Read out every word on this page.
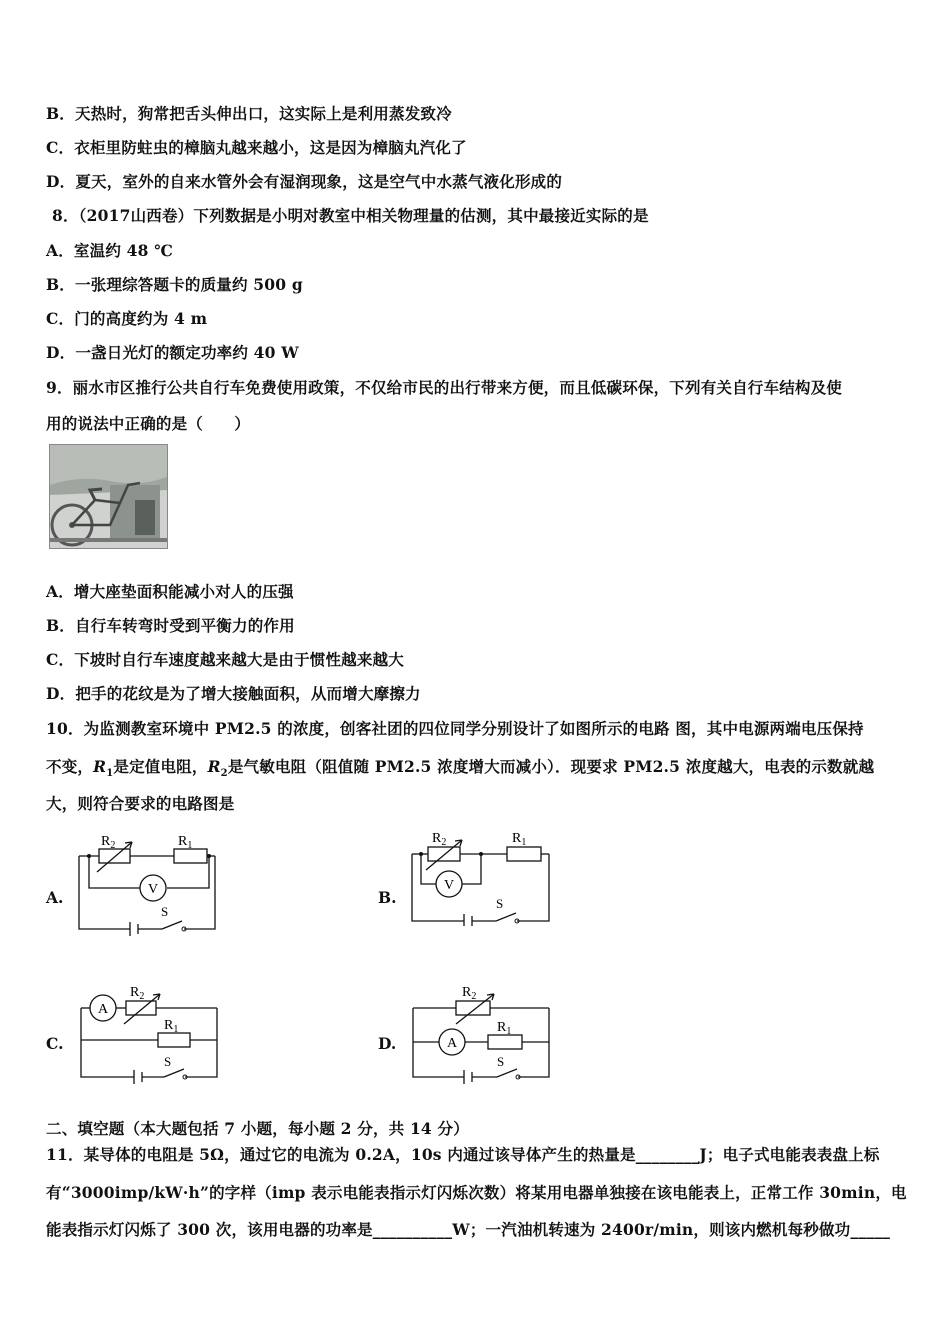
B．天热时，狗常把舌头伸出口，这实际上是利用蒸发致冷
C．衣柜里防蛀虫的樟脑丸越来越小，这是因为樟脑丸汽化了
D．夏天，室外的自来水管外会有湿润现象，这是空气中水蒸气液化形成的
8．（2017山西卷）下列数据是小明对教室中相关物理量的估测，其中最接近实际的是
A．室温约 48 ℃
B．一张理综答题卡的质量约 500 g
C．门的高度约为 4 m
D．一盏日光灯的额定功率约 40 W
9．丽水市区推行公共自行车免费使用政策，不仅给市民的出行带来方便，而且低碳环保，下列有关自行车结构及使
用的说法中正确的是（　　）
A．增大座垫面积能减小对人的压强
B．自行车转弯时受到平衡力的作用
C．下坡时自行车速度越来越大是由于惯性越来越大
D．把手的花纹是为了增大接触面积，从而增大摩擦力
10．为监测教室环境中 PM2.5 的浓度，创客社团的四位同学分别设计了如图所示的电路 图，其中电源两端电压保持
不变，$R_1$是定值电阻，$R_2$是气敏电阻（阻值随 PM2.5 浓度增大而减小）．现要求 PM2.5 浓度越大，电表的示数就越
大，则符合要求的电路图是
A.	B.
C.	D.
$R_2$	$R_1$
V
S
$R_2$	$R_1$
V
S
A
$R_2$
$R_1$
S
$R_2$
A
$R_1$
S
二、填空题（本大题包括 7 小题，每小题 2 分，共 14 分）
11．某导体的电阻是 5Ω，通过它的电流为 0.2A，10s 内通过该导体产生的热量是________J；电子式电能表表盘上标
有“3000imp/kW·h”的字样（imp 表示电能表指示灯闪烁次数）将某用电器单独接在该电能表上，正常工作 30min，电
能表指示灯闪烁了 300 次，该用电器的功率是__________W；一汽油机转速为 2400r/min，则该内燃机每秒做功_____
